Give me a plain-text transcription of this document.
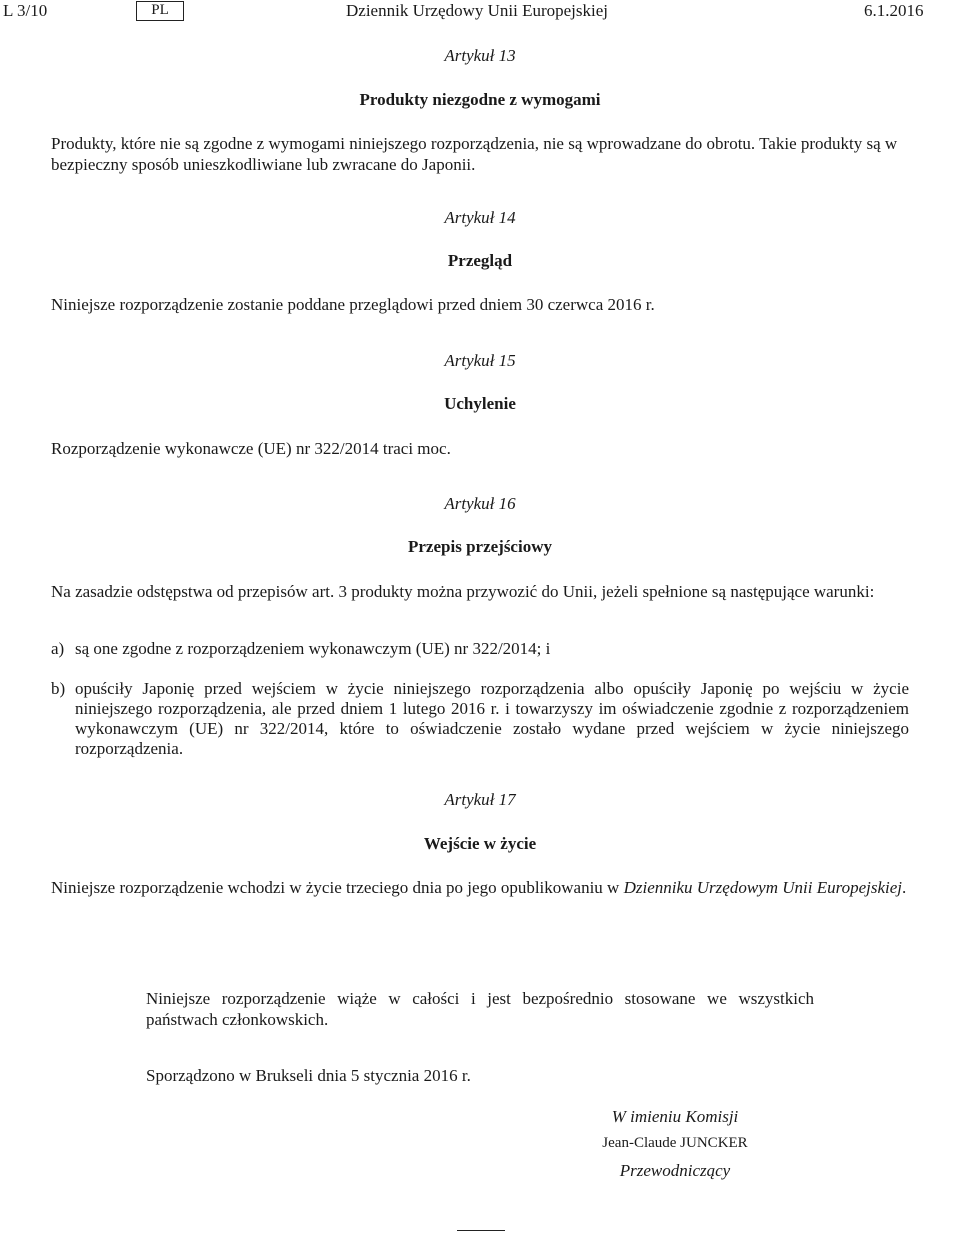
L 3/10	PL	Dziennik Urzędowy Unii Europejskiej	6.1.2016
Artykuł 13
Produkty niezgodne z wymogami
Produkty, które nie są zgodne z wymogami niniejszego rozporządzenia, nie są wprowadzane do obrotu. Takie produkty są w bezpieczny sposób unieszkodliwiane lub zwracane do Japonii.
Artykuł 14
Przegląd
Niniejsze rozporządzenie zostanie poddane przeglądowi przed dniem 30 czerwca 2016 r.
Artykuł 15
Uchylenie
Rozporządzenie wykonawcze (UE) nr 322/2014 traci moc.
Artykuł 16
Przepis przejściowy
Na zasadzie odstępstwa od przepisów art. 3 produkty można przywozić do Unii, jeżeli spełnione są następujące warunki:
a) są one zgodne z rozporządzeniem wykonawczym (UE) nr 322/2014; i
b) opuściły Japonię przed wejściem w życie niniejszego rozporządzenia albo opuściły Japonię po wejściu w życie niniejszego rozporządzenia, ale przed dniem 1 lutego 2016 r. i towarzyszy im oświadczenie zgodnie z rozporządzeniem wykonawczym (UE) nr 322/2014, które to oświadczenie zostało wydane przed wejściem w życie niniejszego rozporządzenia.
Artykuł 17
Wejście w życie
Niniejsze rozporządzenie wchodzi w życie trzeciego dnia po jego opublikowaniu w Dzienniku Urzędowym Unii Europejskiej.
Niniejsze rozporządzenie wiąże w całości i jest bezpośrednio stosowane we wszystkich państwach członkowskich.
Sporządzono w Brukseli dnia 5 stycznia 2016 r.
W imieniu Komisji
Jean-Claude JUNCKER
Przewodniczący
